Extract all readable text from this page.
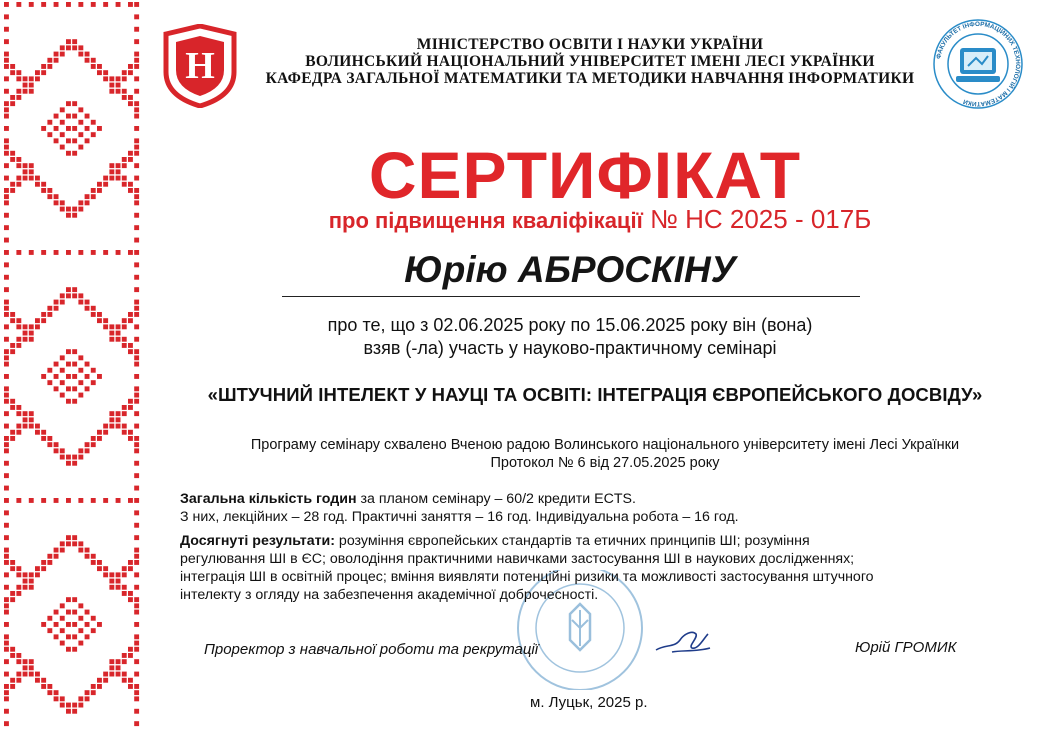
Н	ФАКУЛЬТЕТ ІНФОРМАЦІЙНИХ ТЕХНОЛОГІЙ І МАТЕМАТИКИ
МІНІСТЕРСТВО ОСВІТИ І НАУКИ УКРАЇНИ
ВОЛИНСЬКИЙ НАЦІОНАЛЬНИЙ УНІВЕРСИТЕТ ІМЕНІ ЛЕСІ УКРАЇНКИ
КАФЕДРА ЗАГАЛЬНОЇ МАТЕМАТИКИ ТА МЕТОДИКИ НАВЧАННЯ ІНФОРМАТИКИ
СЕРТИФІКАТ
про підвищення кваліфікації № НС 2025 - 017Б
Юрію АБРОСКІНУ
про те, що з 02.06.2025 року по 15.06.2025 року він (вона)
взяв (-ла) участь у науково-практичному семінарі
«ШТУЧНИЙ ІНТЕЛЕКТ У НАУЦІ ТА ОСВІТІ: ІНТЕГРАЦІЯ ЄВРОПЕЙСЬКОГО ДОСВІДУ»
Програму семінару схвалено Вченою радою Волинського національного університету імені Лесі Українки
Протокол № 6 від 27.05.2025 року
Загальна кількість годин за планом семінару – 60/2 кредити ECTS.
З них, лекційних – 28 год. Практичні заняття – 16 год. Індивідуальна робота – 16 год.
Досягнуті результати: розуміння європейських стандартів та етичних принципів ШІ; розуміння
регулювання ШІ в ЄС; оволодіння практичними навичками застосування ШІ в наукових дослідженнях;
інтеграція ШІ в освітній процес; вміння виявляти потенційні ризики та можливості застосування штучного
інтелекту з огляду на забезпечення академічної доброчесності.
Проректор з навчальної роботи та рекрутації	Юрій ГРОМИК
м. Луцьк, 2025 р.
